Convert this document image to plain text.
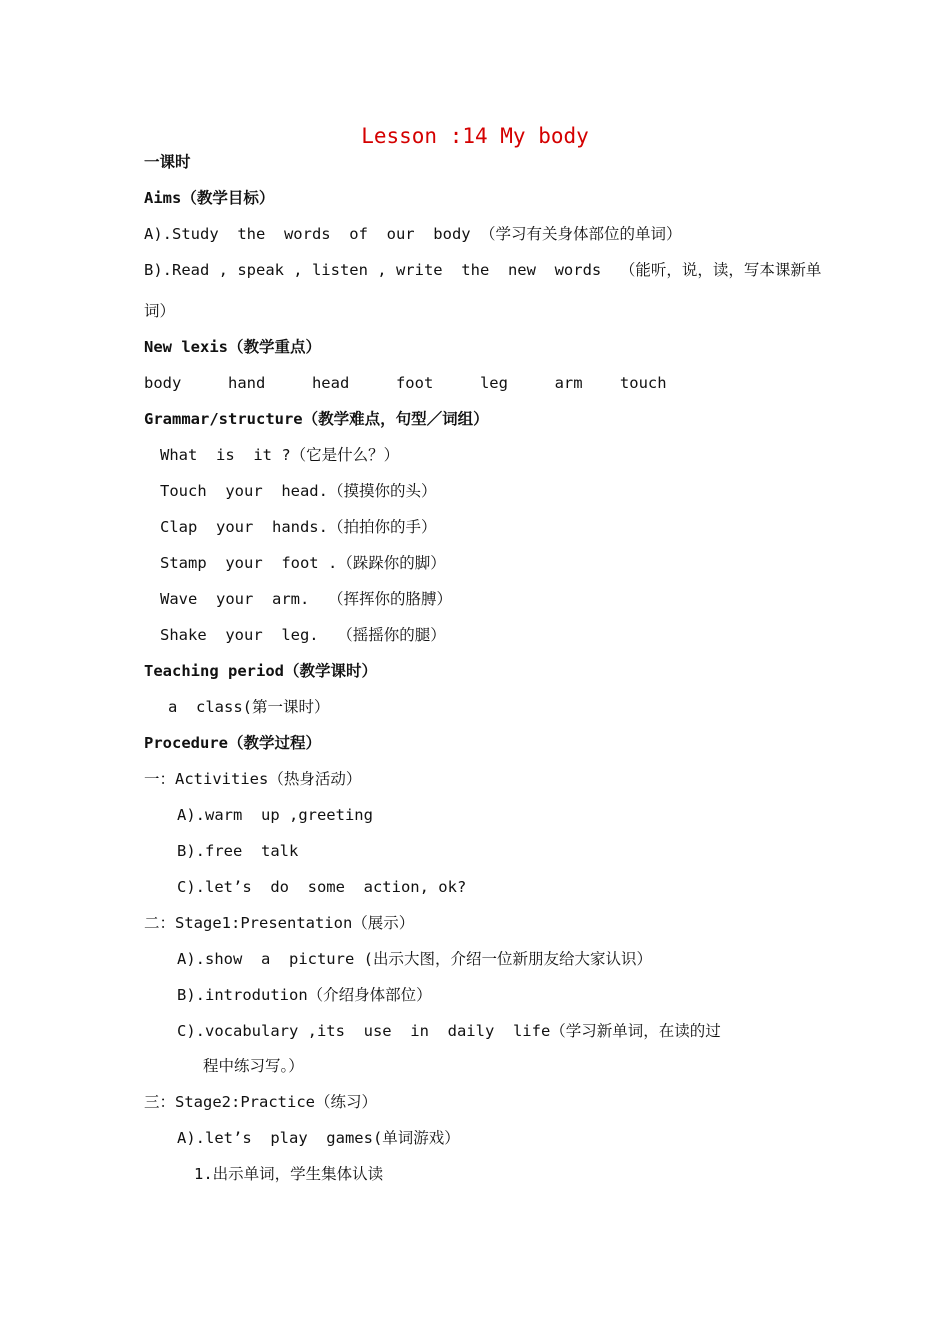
Lesson :14 My body
一课时
Aims（教学目标）
A).Study  the  words  of  our  body （学习有关身体部位的单词）
B).Read , speak , listen , write  the  new  words  （能听，说，读，写本课新单
词）
New lexis（教学重点）
body     hand     head     foot     leg     arm    touch
Grammar/structure（教学难点，句型／词组）
What  is  it ?（它是什么？）
Touch  your  head.（摸摸你的头）
Clap  your  hands.（拍拍你的手）
Stamp  your  foot .（跺跺你的脚）
Wave  your  arm.  （挥挥你的胳膊）
Shake  your  leg.  （摇摇你的腿）
Teaching period（教学课时）
a  class(第一课时）
Procedure（教学过程）
一：Activities（热身活动）
A).warm  up ,greeting
B).free  talk
C).let’s  do  some  action, ok?
二：Stage1:Presentation（展示）
A).show  a  picture (出示大图，介绍一位新朋友给大家认识）
B).introdution（介绍身体部位）
C).vocabulary ,its  use  in  daily  life（学习新单词，在读的过
程中练习写。）
三：Stage2:Practice（练习）
A).let’s  play  games(单词游戏）
1.出示单词，学生集体认读
